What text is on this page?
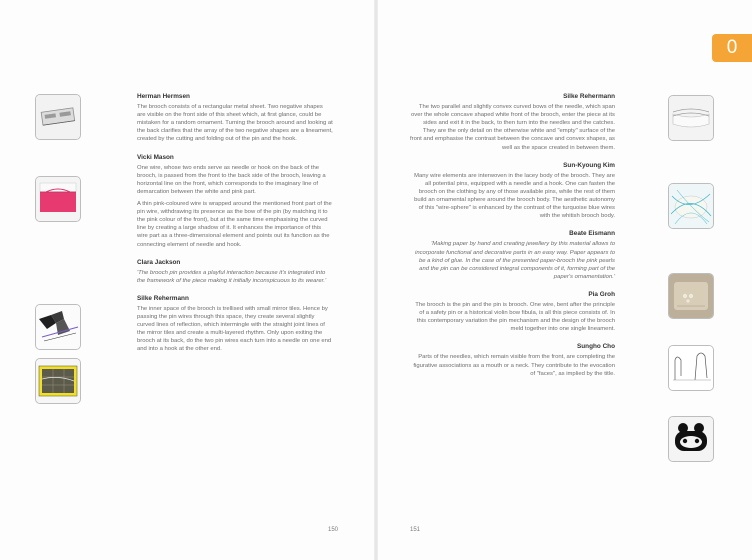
0
Herman Hermsen

The brooch consists of a rectangular metal sheet. Two negative shapes are visible on the front side of this sheet which, at first glance, could be mistaken for a random ornament. Turning the brooch around and looking at the back clarifies that the array of the two negative shapes are a lineament, created by the cutting and folding out of the pin and the hook.

Vicki Mason

One wire, whose two ends serve as needle or hook on the back of the brooch, is passed from the front to the back side of the brooch, leaving a horizontal line on the front, which corresponds to the imaginary line of demarcation between the white and pink part.

A thin pink-coloured wire is wrapped around the mentioned front part of the pin wire, withdrawing its presence as the bow of the pin (by matching it to the pink colour of the front), but at the same time emphasising the curved line by creating a large shadow of it. It enhances the importance of this wire part as a three-dimensional element and points out its function as the connecting element of needle and hook.

Clara Jackson

'The brooch pin provides a playful interaction because it's integrated into the framework of the piece making it initially inconspicuous to its wearer.'

Silke Rehermann

The inner space of the brooch is trellised with small mirror tiles. Hence by passing the pin wires through this space, they create several slightly curved lines of reflection, which intermingle with the straight joint lines of the mirror tiles and create a multi-layered rhythm. Only upon exiting the brooch at its back, do the two pin wires each turn into a needle on one end and into a hook at the other end.

Silke Rehermann

The two parallel and slightly convex curved bows of the needle, which span over the whole concave shaped white front of the brooch, enter the piece at its sides and exit it in the back, to then turn into the needles and the catches. They are the only detail on the otherwise white and "empty" surface of the front and emphasise the contrast between the concave and convex shapes, as well as the space created in between them.

Sun-Kyoung Kim

Many wire elements are interwoven in the lacey body of the brooch. They are all potential pins, equipped with a needle and a hook. One can fasten the brooch on the clothing by any of those available pins, while the rest of them build an ornamental sphere around the brooch body. The aesthetic autonomy of this "wire-sphere" is enhanced by the contrast of the turquoise blue wires with the whitish brooch body.

Beate Eismann

'Making paper by hand and creating jewellery by this material allows to incorporate functional and decorative parts in an easy way. Paper appears to be a kind of glue. In the case of the presented paper-brooch the pink pearls and the pin can be considered integral components of it, forming part of the paper's ornamentation.'

Pia Groh

The brooch is the pin and the pin is brooch. One wire, bent after the principle of a safety pin or a historical violin bow fibula, is all this piece consists of. In this contemporary variation the pin mechanism and the design of the brooch meld together into one single lineament.

Sungho Cho

Parts of the needles, which remain visible from the front, are completing the figurative associations as a mouth or a neck. They contribute to the evocation of "faces", as implied by the title.

150	151
